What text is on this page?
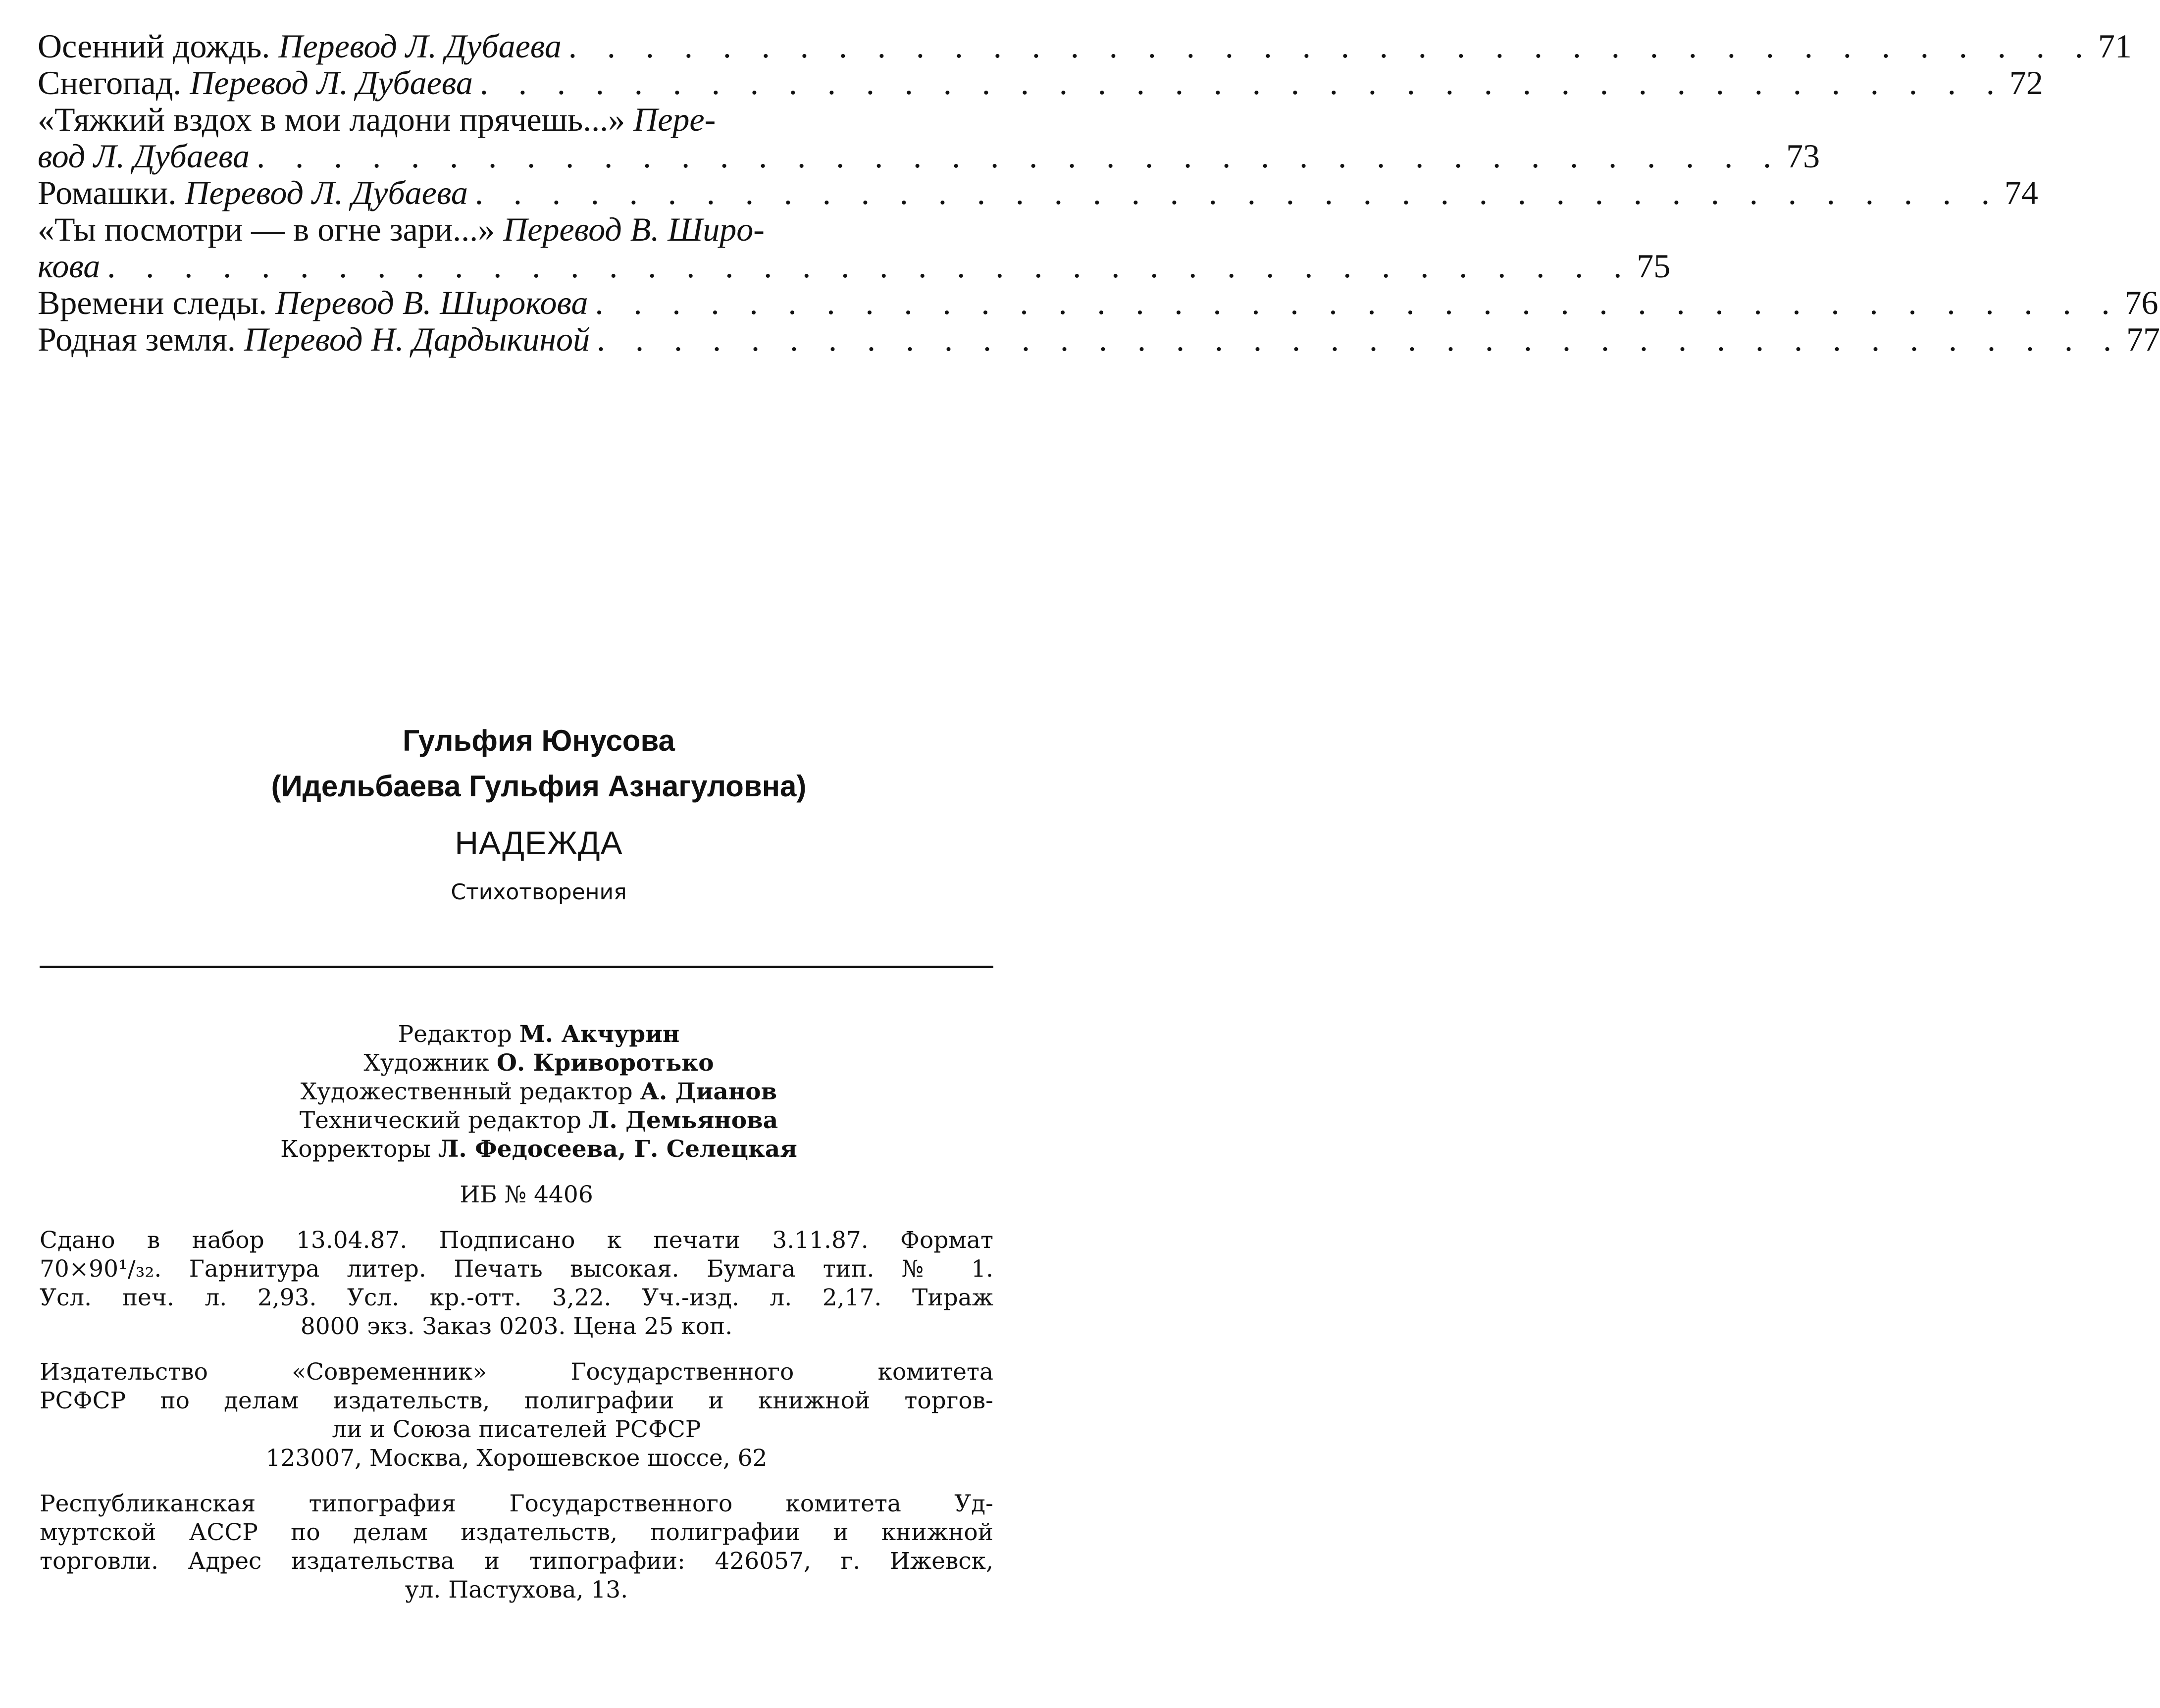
Осенний дождь. Перевод Л. Дубаева . . . . . . . . . . . . . . . . . . . . . . . . . . . . . . . . . . . . . . . . 71
Снегопад. Перевод Л. Дубаева . . . . . . . . . . . . . . . . . . . . . . . . . . . . . . . . . . . . . . . . 72
«Тяжкий вздох в мои ладони прячешь...» Пере-
вод Л. Дубаева . . . . . . . . . . . . . . . . . . . . . . . . . . . . . . . . . . . . . . . . 73
Ромашки. Перевод Л. Дубаева . . . . . . . . . . . . . . . . . . . . . . . . . . . . . . . . . . . . . . . . 74
«Ты посмотри — в огне зари...» Перевод В. Широ-
кова . . . . . . . . . . . . . . . . . . . . . . . . . . . . . . . . . . . . . . . . 75
Времени следы. Перевод В. Широкова . . . . . . . . . . . . . . . . . . . . . . . . . . . . . . . . . . . . . . . . 76
Родная земля. Перевод Н. Дардыкиной . . . . . . . . . . . . . . . . . . . . . . . . . . . . . . . . . . . . . . . . 77
Гульфия Юнусова
(Идельбаева Гульфия Азнагуловна)
НАДЕЖДА
Стихотворения
Редактор М. Акчурин
Художник О. Криворотько
Художественный редактор А. Дианов
Технический редактор Л. Демьянова
Корректоры Л. Федосеева, Г. Селецкая
ИБ № 4406
Сдано в набор 13.04.87. Подписано к печати 3.11.87. Формат
70×90¹/₃₂. Гарнитура литер. Печать высокая. Бумага тип. № 1.
Усл. печ. л. 2,93. Усл. кр.-отт. 3,22. Уч.-изд. л. 2,17. Тираж
8000 экз. Заказ 0203. Цена 25 коп.
Издательство «Современник» Государственного комитета
РСФСР по делам издательств, полиграфии и книжной торгов-
ли и Союза писателей РСФСР
123007, Москва, Хорошевское шоссе, 62
Республиканская типография Государственного комитета Уд-
муртской АССР по делам издательств, полиграфии и книжной
торговли. Адрес издательства и типографии: 426057, г. Ижевск,
ул. Пастухова, 13.
